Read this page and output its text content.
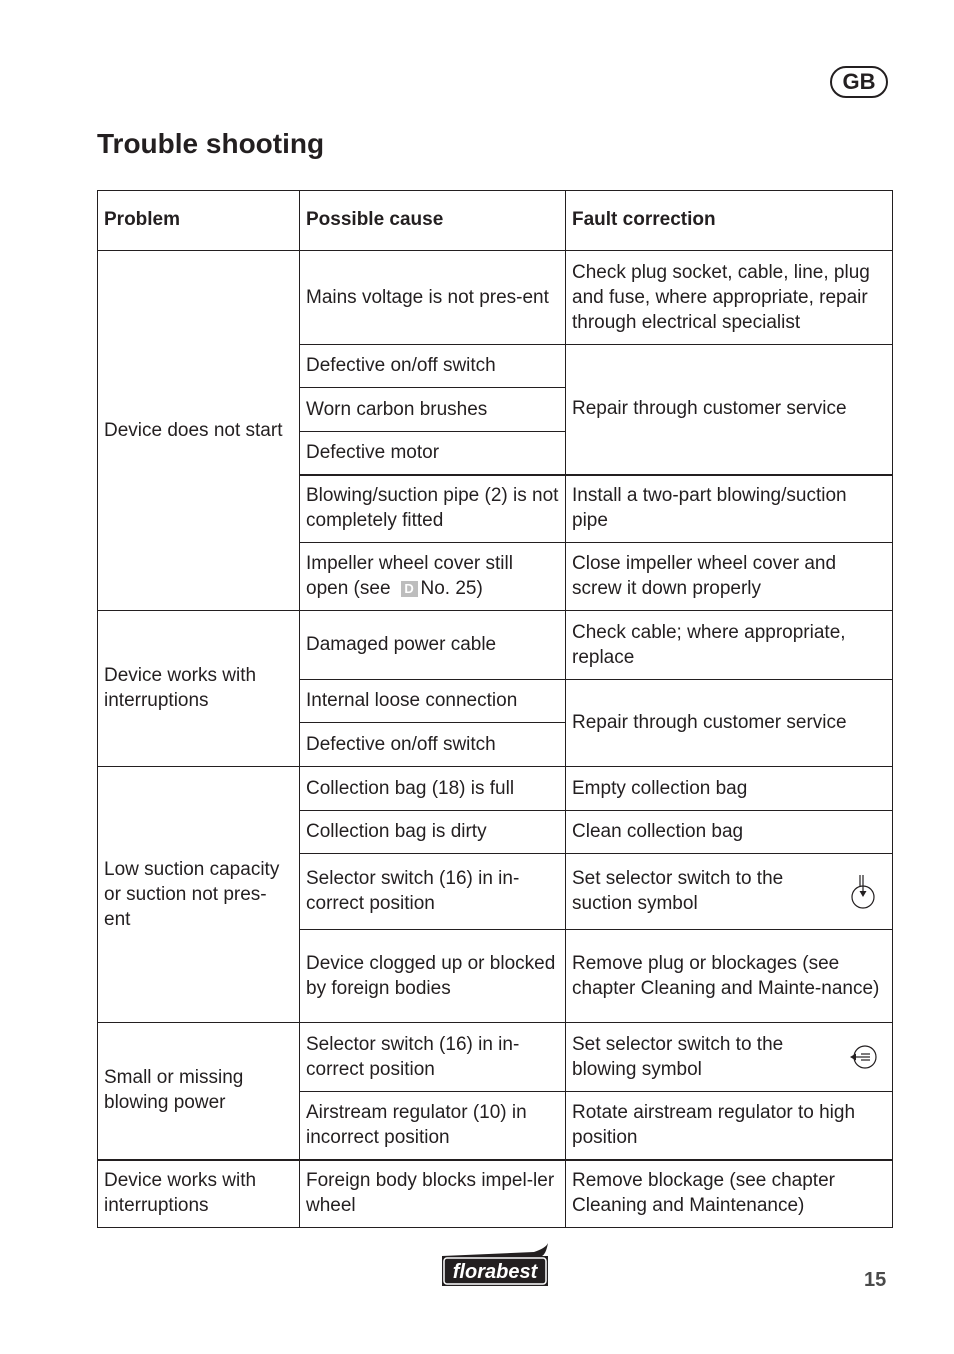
GB
Trouble shooting
Problem	Possible cause	Fault correction
Device does not start	Mains voltage is not pres-ent	Check plug socket, cable, line, plug and fuse, where appropriate, repair through electrical specialist
	Defective on/off switch	Repair through customer service
	Worn carbon brushes	
	Defective motor	
	Blowing/suction pipe (2) is not completely fitted	Install a two-part blowing/suction pipe
	Impeller wheel cover still open (see D No. 25)	Close impeller wheel cover and screw it down properly
Device works with interruptions	Damaged power cable	Check cable; where appropriate, replace
	Internal loose connection	Repair through customer service
	Defective on/off switch	
Low suction capacity or suction not pres-ent	Collection bag (18) is full	Empty collection bag
	Collection bag is dirty	Clean collection bag
	Selector switch (16) in in-correct position	Set selector switch to the suction symbol

	Device clogged up or blocked by foreign bodies	Remove plug or blockages (see chapter Cleaning and Mainte-nance)
Small or missing blowing power	Selector switch (16) in in-correct position	Set selector switch to the blowing symbol

	Airstream regulator (10) in incorrect position	Rotate airstream regulator to high position
Device works with interruptions	Foreign body blocks impel-ler wheel	Remove blockage (see chapter Cleaning and Maintenance)
florabest	15
